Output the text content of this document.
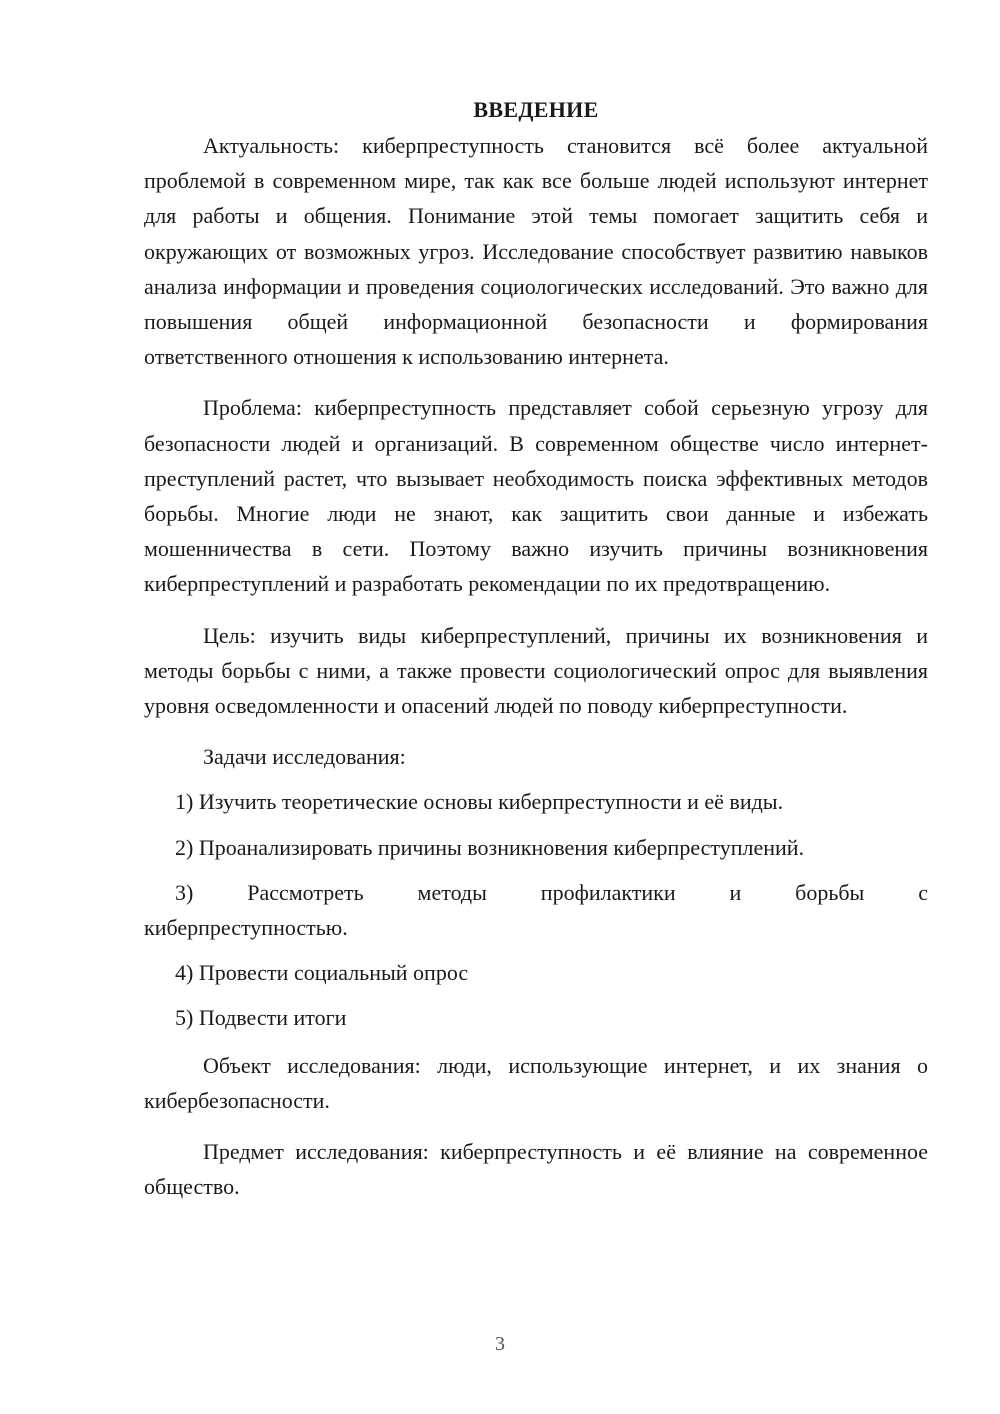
ВВЕДЕНИЕ

Актуальность: киберпреступность становится всё более актуальной проблемой в современном мире, так как все больше людей используют интернет для работы и общения. Понимание этой темы помогает защитить себя и окружающих от возможных угроз. Исследование способствует развитию навыков анализа информации и проведения социологических исследований. Это важно для повышения общей информационной безопасности и формирования ответственного отношения к использованию интернета.

Проблема: киберпреступность представляет собой серьезную угрозу для безопасности людей и организаций. В современном обществе число интернет-преступлений растет, что вызывает необходимость поиска эффективных методов борьбы. Многие люди не знают, как защитить свои данные и избежать мошенничества в сети. Поэтому важно изучить причины возникновения киберпреступлений и разработать рекомендации по их предотвращению.

Цель: изучить виды киберпреступлений, причины их возникновения и методы борьбы с ними, а также провести социологический опрос для выявления уровня осведомленности и опасений людей по поводу киберпреступности.

Задачи исследования:

1) Изучить теоретические основы киберпреступности и её виды.

2) Проанализировать причины возникновения киберпреступлений.

3) Рассмотреть методы профилактики и борьбы с
киберпреступностью.

4) Провести социальный опрос

5) Подвести итоги

Объект исследования: люди, использующие интернет, и их знания о кибербезопасности.

Предмет исследования: киберпреступность и её влияние на современное общество.

3
